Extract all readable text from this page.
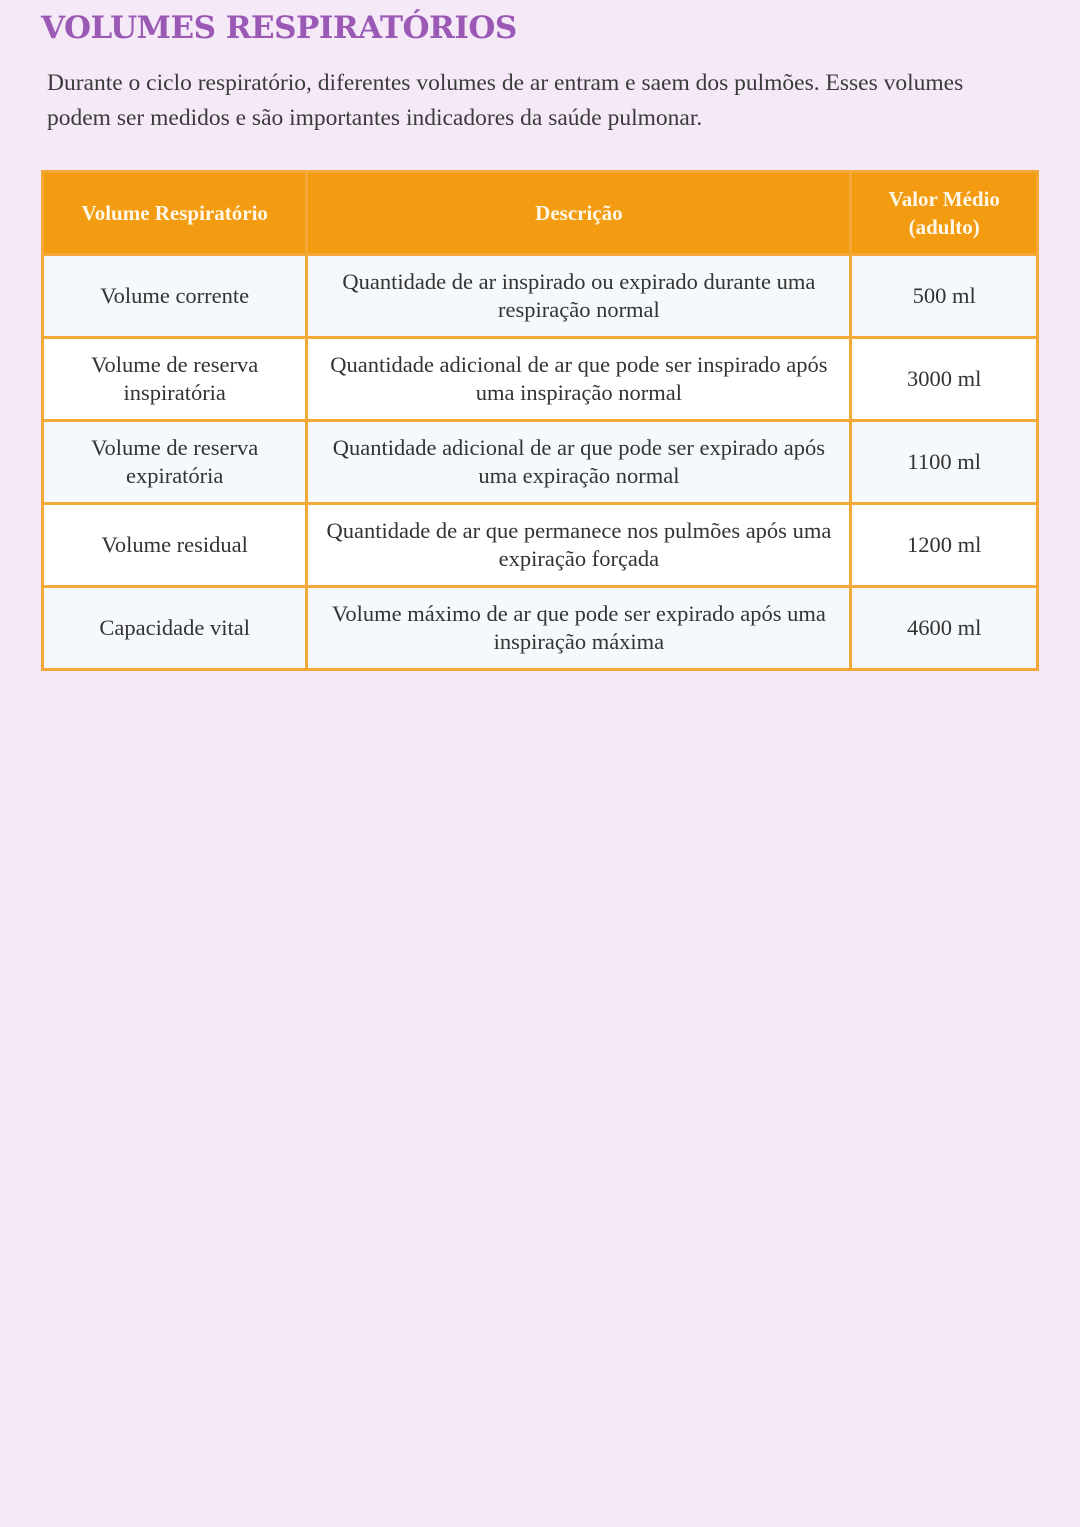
VOLUMES RESPIRATÓRIOS

Durante o ciclo respiratório, diferentes volumes de ar entram e saem dos pulmões. Esses volumes podem ser medidos e são importantes indicadores da saúde pulmonar.

Volume Respiratório	Descrição	Valor Médio
(adulto)
Volume corrente	Quantidade de ar inspirado ou expirado durante uma respiração normal	500 ml
Volume de reserva inspiratória	Quantidade adicional de ar que pode ser inspirado após uma inspiração normal	3000 ml
Volume de reserva expiratória	Quantidade adicional de ar que pode ser expirado após uma expiração normal	1100 ml
Volume residual	Quantidade de ar que permanece nos pulmões após uma expiração forçada	1200 ml
Capacidade vital	Volume máximo de ar que pode ser expirado após uma inspiração máxima	4600 ml
